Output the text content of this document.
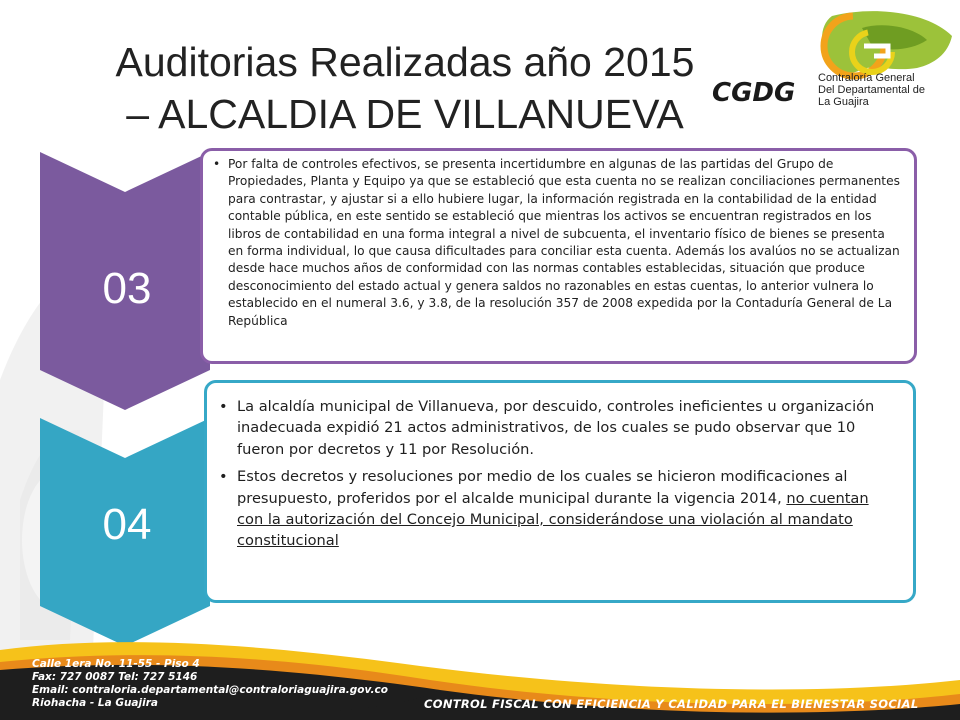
Auditorias Realizadas año 2015
– ALCALDIA DE VILLANUEVA	CGDG Contraloría General
Del Departamental de
La Guajira
• Por falta de controles efectivos, se presenta incertidumbre en algunas de las partidas del Grupo de Propiedades, Planta y Equipo ya que se estableció que esta cuenta no se realizan conciliaciones permanentes para contrastar, y ajustar si a ello hubiere lugar, la información registrada en la contabilidad de la entidad contable pública, en este sentido se estableció que mientras los activos se encuentran registrados en los libros de contabilidad en una forma integral a nivel de subcuenta, el inventario físico de bienes se presenta en forma individual, lo que causa dificultades para conciliar esta cuenta. Además los avalúos no se actualizan desde hace muchos años de conformidad con las normas contables establecidas, situación que produce desconocimiento del estado actual y genera saldos no razonables en estas cuentas, lo anterior vulnera lo establecido en el numeral 3.6, y 3.8, de la resolución 357 de 2008 expedida por la Contaduría General de La República
• La alcaldía municipal de Villanueva, por descuido, controles ineficientes u organización inadecuada expidió 21 actos administrativos, de los cuales se pudo observar que 10 fueron por decretos y 11 por Resolución.
• Estos decretos y resoluciones por medio de los cuales se hicieron modificaciones al presupuesto, proferidos por el alcalde municipal durante la vigencia 2014, no cuentan con la autorización del Concejo Municipal, considerándose una violación al mandato constitucional
03
04
Calle 1era No. 11-55 - Piso 4
Fax: 727 0087 Tel: 727 5146
Email: contraloria.departamental@contraloriaguajira.gov.co
Riohacha - La Guajira	CONTROL FISCAL CON EFICIENCIA Y CALIDAD PARA EL BIENESTAR SOCIAL
